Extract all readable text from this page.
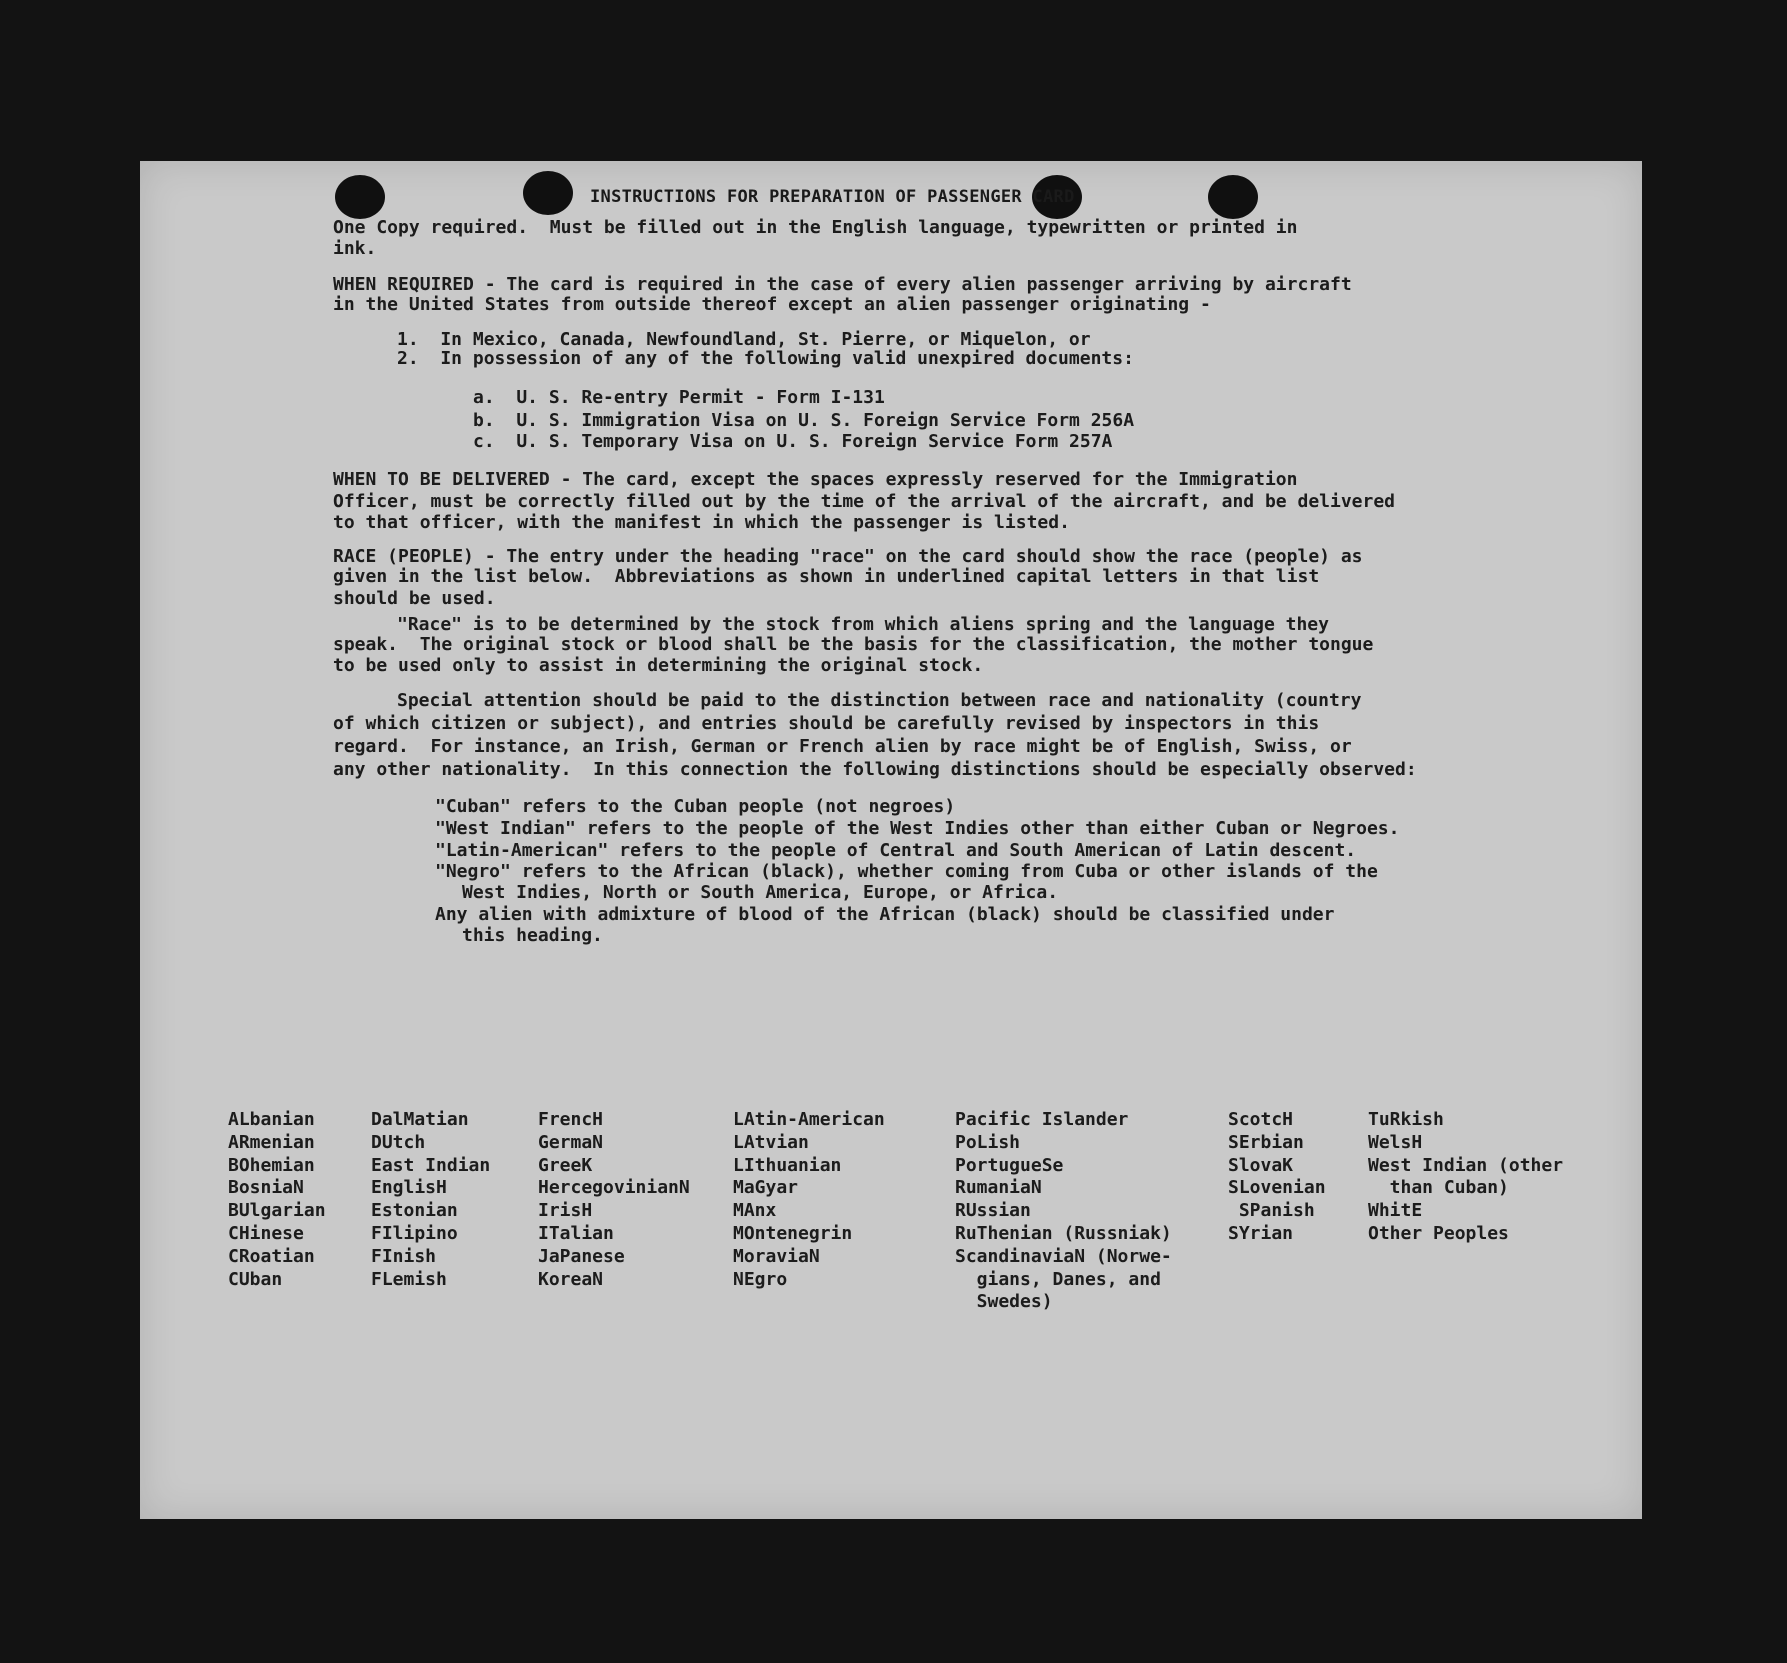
INSTRUCTIONS FOR PREPARATION OF PASSENGER CARD
One Copy required.  Must be filled out in the English language, typewritten or printed in
ink.
WHEN REQUIRED - The card is required in the case of every alien passenger arriving by aircraft
in the United States from outside thereof except an alien passenger originating -
1.  In Mexico, Canada, Newfoundland, St. Pierre, or Miquelon, or
2.  In possession of any of the following valid unexpired documents:
a.  U. S. Re-entry Permit - Form I-131
b.  U. S. Immigration Visa on U. S. Foreign Service Form 256A
c.  U. S. Temporary Visa on U. S. Foreign Service Form 257A
WHEN TO BE DELIVERED - The card, except the spaces expressly reserved for the Immigration
Officer, must be correctly filled out by the time of the arrival of the aircraft, and be delivered
to that officer, with the manifest in which the passenger is listed.
RACE (PEOPLE) - The entry under the heading "race" on the card should show the race (people) as
given in the list below.  Abbreviations as shown in underlined capital letters in that list
should be used.
"Race" is to be determined by the stock from which aliens spring and the language they
speak.  The original stock or blood shall be the basis for the classification, the mother tongue
to be used only to assist in determining the original stock.
Special attention should be paid to the distinction between race and nationality (country
of which citizen or subject), and entries should be carefully revised by inspectors in this
regard.  For instance, an Irish, German or French alien by race might be of English, Swiss, or
any other nationality.  In this connection the following distinctions should be especially observed:
"Cuban" refers to the Cuban people (not negroes)
"West Indian" refers to the people of the West Indies other than either Cuban or Negroes.
"Latin-American" refers to the people of Central and South American of Latin descent.
"Negro" refers to the African (black), whether coming from Cuba or other islands of the
West Indies, North or South America, Europe, or Africa.
Any alien with admixture of blood of the African (black) should be classified under
this heading.
ALbanian
ARmenian
BOhemian
BosniaN
BUlgarian
CHinese
CRoatian
CUban
DalMatian
DUtch
East Indian
EnglisH
Estonian
FIlipino
FInish
FLemish
FrencH
GermaN
GreeK
HercegovinianN
IrisH
ITalian
JaPanese
KoreaN
LAtin-American
LAtvian
LIthuanian
MaGyar
MAnx
MOntenegrin
MoraviaN
NEgro
Pacific Islander
PoLish
PortugueSe
RumaniaN
RUssian
RuThenian (Russniak)
ScandinaviaN (Norwe-
gians, Danes, and
Swedes)
ScotcH
SErbian
SlovaK
SLovenian
SPanish
SYrian
TuRkish
WelsH
West Indian (other
than Cuban)
WhitE
Other Peoples
